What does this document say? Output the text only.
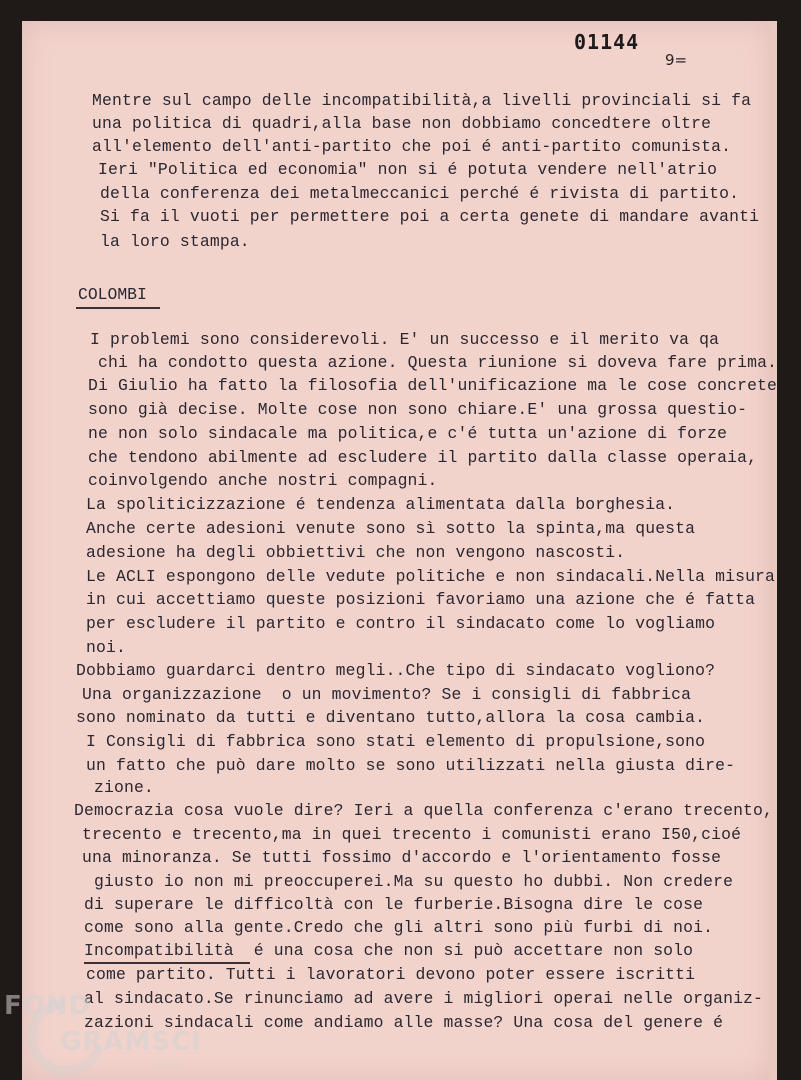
01144
9=
Mentre sul campo delle incompatibilità,a livelli provinciali si fa
una politica di quadri,alla base non dobbiamo concedtere oltre
all'elemento dell'anti-partito che poi é anti-partito comunista.
Ieri "Politica ed economia" non si é potuta vendere nell'atrio
della conferenza dei metalmeccanici perché é rivista di partito.
Si fa il vuoti per permettere poi a certa genete di mandare avanti
la loro stampa.
COLOMBI
I problemi sono considerevoli. E' un successo e il merito va qa
chi ha condotto questa azione. Questa riunione si doveva fare prima.
Di Giulio ha fatto la filosofia dell'unificazione ma le cose concrete
sono già decise. Molte cose non sono chiare.E' una grossa questio-
ne non solo sindacale ma politica,e c'é tutta un'azione di forze
che tendono abilmente ad escludere il partito dalla classe operaia,
coinvolgendo anche nostri compagni.
La spoliticizzazione é tendenza alimentata dalla borghesia.
Anche certe adesioni venute sono sì sotto la spinta,ma questa
adesione ha degli obbiettivi che non vengono nascosti.
Le ACLI espongono delle vedute politiche e non sindacali.Nella misura
in cui accettiamo queste posizioni favoriamo una azione che é fatta
per escludere il partito e contro il sindacato come lo vogliamo
noi.
Dobbiamo guardarci dentro megli..Che tipo di sindacato vogliono?
Una organizzazione  o un movimento? Se i consigli di fabbrica
sono nominato da tutti e diventano tutto,allora la cosa cambia.
I Consigli di fabbrica sono stati elemento di propulsione,sono
un fatto che può dare molto se sono utilizzati nella giusta dire-
zione.
Democrazia cosa vuole dire? Ieri a quella conferenza c'erano trecento,
trecento e trecento,ma in quei trecento i comunisti erano I50,cioé
una minoranza. Se tutti fossimo d'accordo e l'orientamento fosse
giusto io non mi preoccuperei.Ma su questo ho dubbi. Non credere
di superare le difficoltà con le furberie.Bisogna dire le cose
come sono alla gente.Credo che gli altri sono più furbi di noi.
Incompatibilità  é una cosa che non si può accettare non solo
come partito. Tutti i lavoratori devono poter essere iscritti
al sindacato.Se rinunciamo ad avere i migliori operai nelle organiz-
zazioni sindacali come andiamo alle masse? Una cosa del genere é
FOND
GRAMSCI
onlus
